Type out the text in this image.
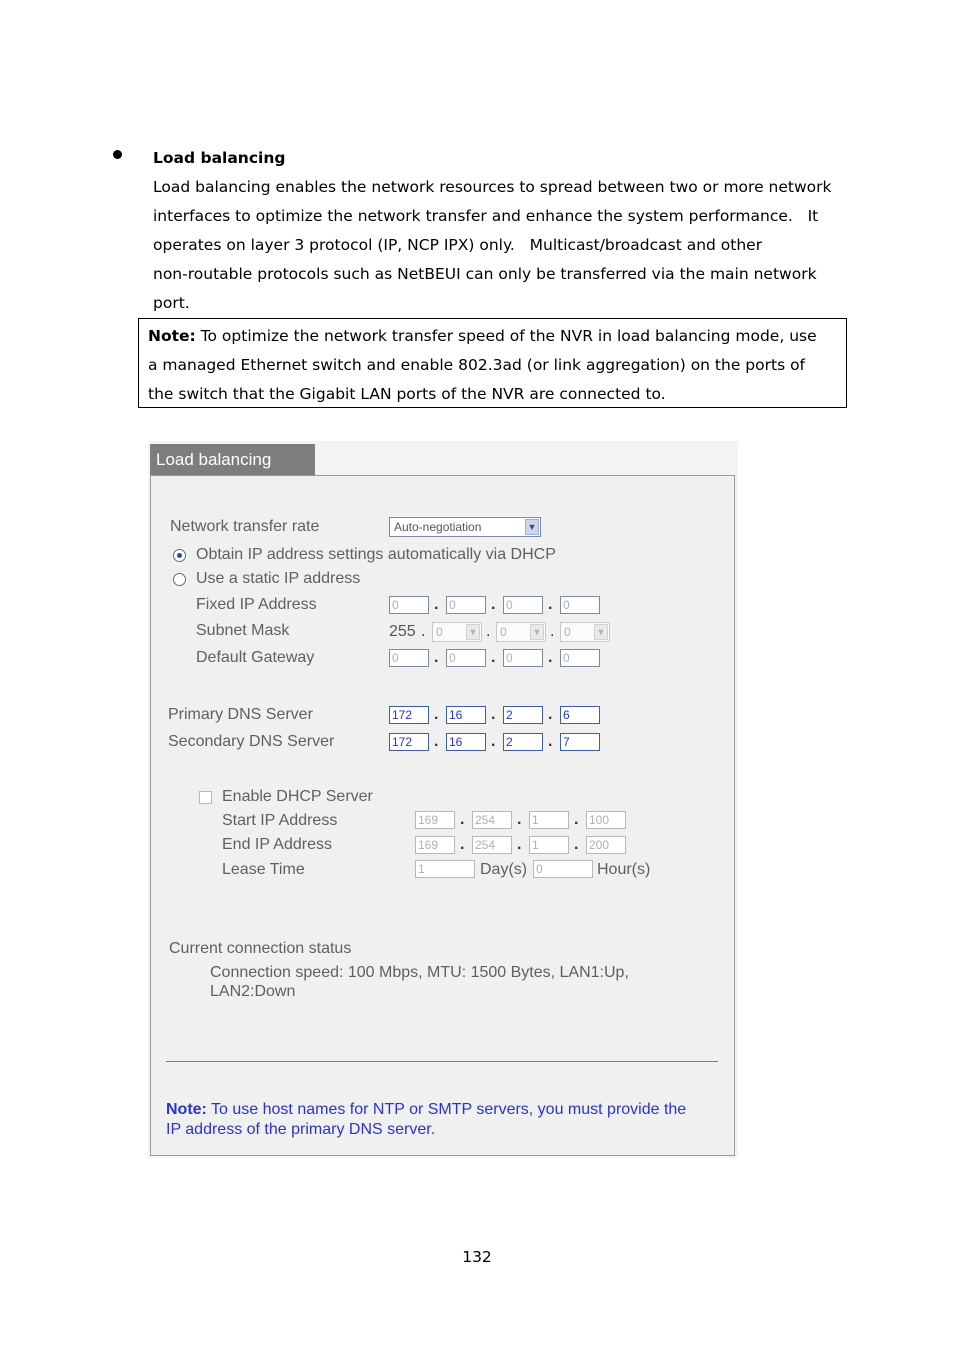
Load balancing
Load balancing enables the network resources to spread between two or more network
interfaces to optimize the network transfer and enhance the system performance.   It
operates on layer 3 protocol (IP, NCP IPX) only.   Multicast/broadcast and other
non-routable protocols such as NetBEUI can only be transferred via the main network
port.
Note: To optimize the network transfer speed of the NVR in load balancing mode, use
a managed Ethernet switch and enable 802.3ad (or link aggregation) on the ports of
the switch that the Gigabit LAN ports of the NVR are connected to.
Load balancing
Network transfer rate	Auto-negotiation	▼
Obtain IP address settings automatically via DHCP
Use a static IP address
Fixed IP Address	0	. 0	. 0	. 0
Subnet Mask	255 . 0	▼ . 0	▼ . 0	▼
Default Gateway	0	. 0	. 0	. 0
Primary DNS Server	172	. 16	. 2	. 6
Secondary DNS Server	172	. 16	. 2	. 7
Enable DHCP Server
Start IP Address	169	. 254	. 1	. 100
End IP Address	169	. 254	. 1	. 200
Lease Time	1	Day(s) 0	Hour(s)
Current connection status
Connection speed: 100 Mbps, MTU: 1500 Bytes, LAN1:Up,
LAN2:Down
Note: To use host names for NTP or SMTP servers, you must provide the
IP address of the primary DNS server.
132
